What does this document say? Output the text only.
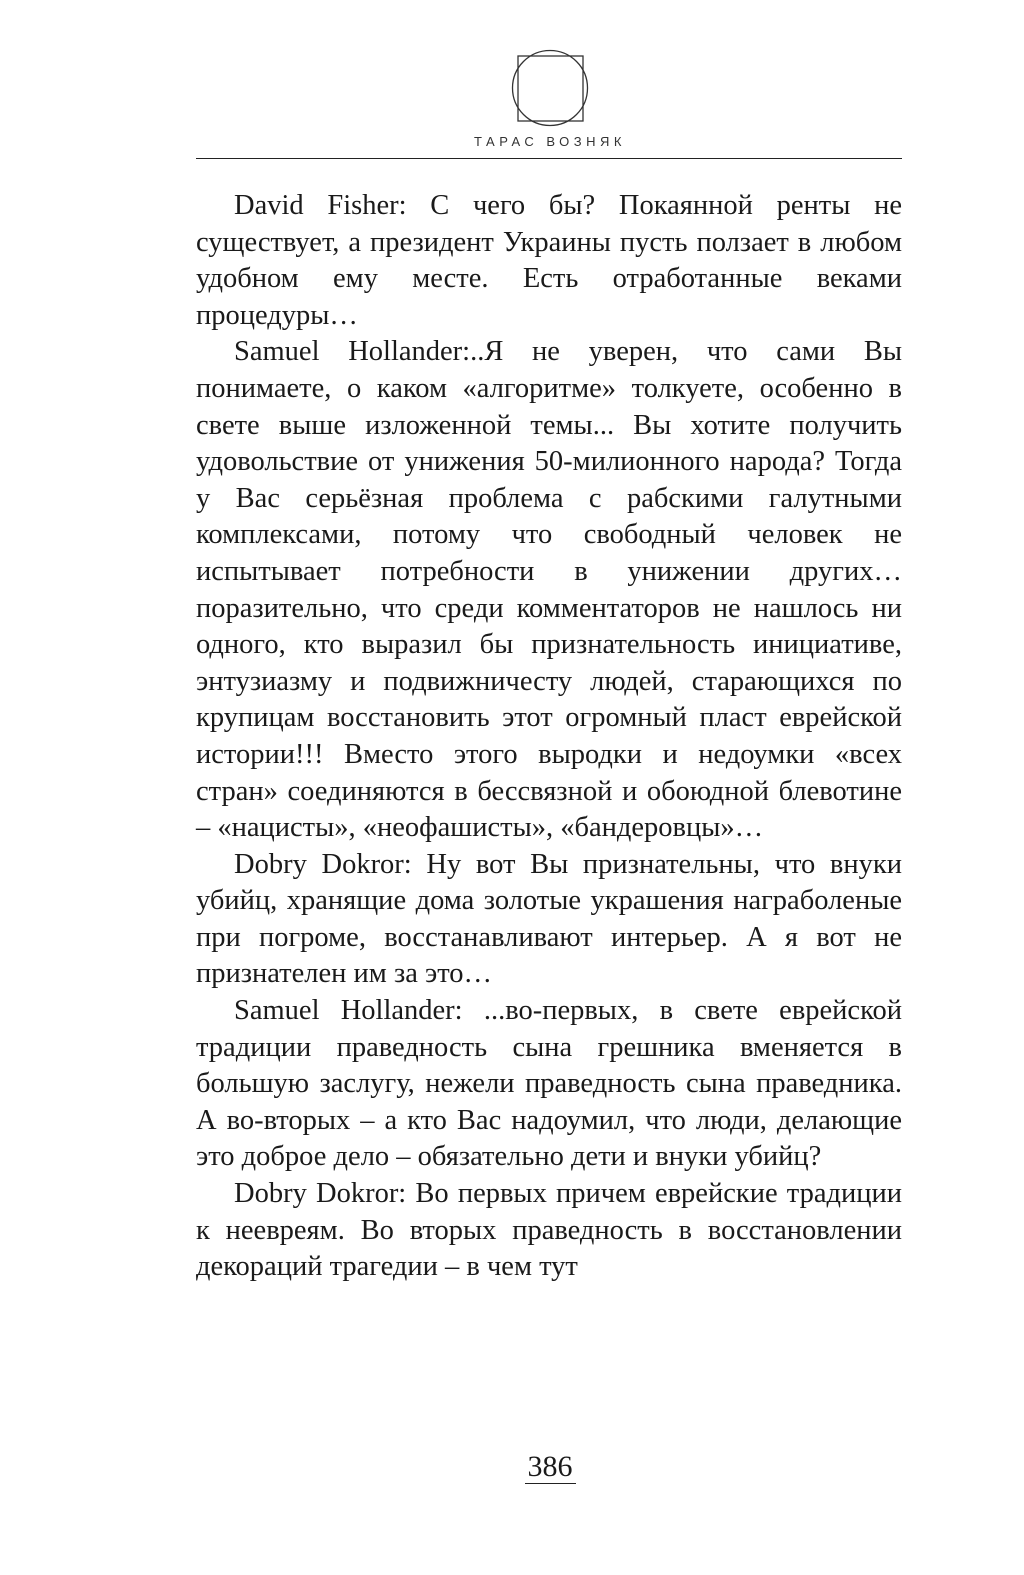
ТАРАС ВОЗНЯК

David Fisher: С чего бы? Покаянной ренты не существует, а президент Украины пусть ползает в любом удобном ему месте. Есть отработанные веками процедуры…

Samuel Hollander:..Я не уверен, что сами Вы понимаете, о каком «алгоритме» толкуете, особенно в свете выше изложенной темы... Вы хотите получить удовольствие от унижения 50-милионного народа? Тогда у Вас серьёзная проблема с рабскими галутными комплексами, потому что свободный человек не испытывает потребности в унижении других… поразительно, что среди комментаторов не нашлось ни одного, кто выразил бы признательность инициативе, энтузиазму и подвижничесту людей, старающихся по крупицам восстановить этот огромный пласт еврейской истории!!! Вместо этого выродки и недоумки «всех стран» соединяются в бессвязной и обоюдной блевотине – «нацисты», «неофашисты», «бандеровцы»…

Dobry Dokror: Ну вот Вы признательны, что внуки убийц, хранящие дома золотые украшения награболеные при погроме, восстанавливают интерьер. А я вот не признателен им за это…

Samuel Hollander: ...во-первых, в свете еврейской традиции праведность сына грешника вменяется в большую заслугу, нежели праведность сына праведника. А во-вторых – а кто Вас надоумил, что люди, делающие это доброе дело – обязательно дети и внуки убийц?

Dobry Dokror: Во первых причем еврейские традиции к неевреям. Во вторых праведность в восстановлении декораций трагедии – в чем тут

386
